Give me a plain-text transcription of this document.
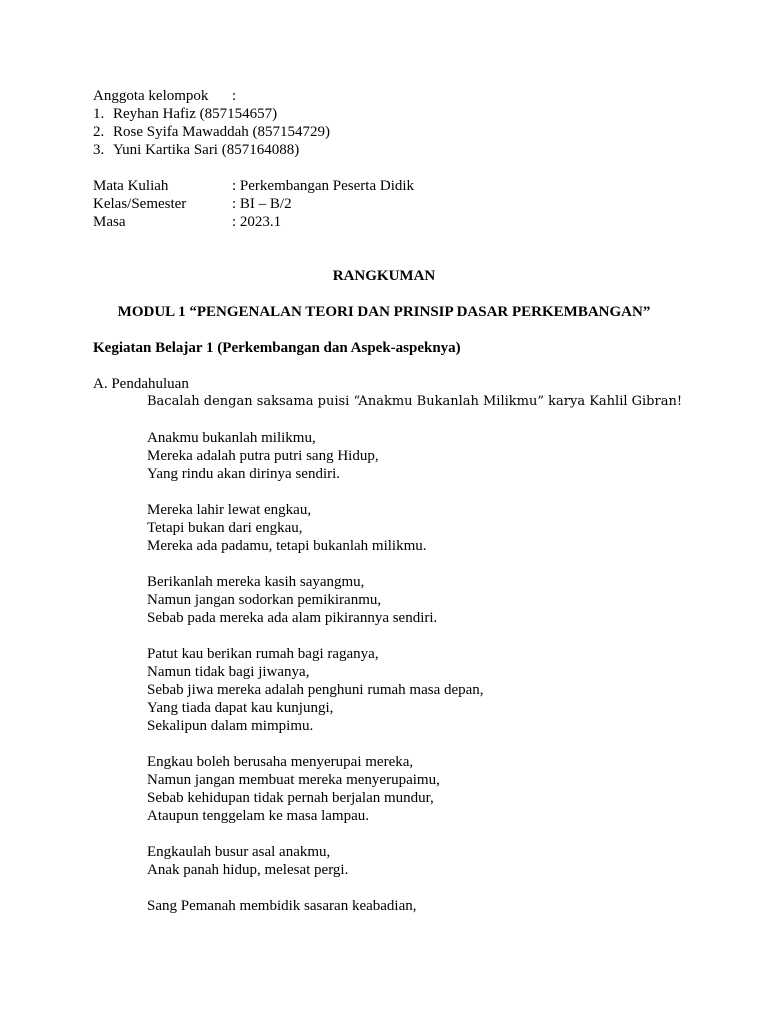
Anggota kelompok :
1. Reyhan Hafiz (857154657)
2. Rose Syifa Mawaddah (857154729)
3. Yuni Kartika Sari (857164088)
Mata Kuliah	: Perkembangan Peserta Didik
Kelas/Semester	: BI – B/2
Masa	: 2023.1
RANGKUMAN
MODUL 1 “PENGENALAN TEORI DAN PRINSIP DASAR PERKEMBANGAN”
Kegiatan Belajar 1 (Perkembangan dan Aspek-aspeknya)
A. Pendahuluan
Bacalah dengan saksama puisi “Anakmu Bukanlah Milikmu” karya Kahlil Gibran!
Anakmu bukanlah milikmu,
Mereka adalah putra putri sang Hidup,
Yang rindu akan dirinya sendiri.
Mereka lahir lewat engkau,
Tetapi bukan dari engkau,
Mereka ada padamu, tetapi bukanlah milikmu.
Berikanlah mereka kasih sayangmu,
Namun jangan sodorkan pemikiranmu,
Sebab pada mereka ada alam pikirannya sendiri.
Patut kau berikan rumah bagi raganya,
Namun tidak bagi jiwanya,
Sebab jiwa mereka adalah penghuni rumah masa depan,
Yang tiada dapat kau kunjungi,
Sekalipun dalam mimpimu.
Engkau boleh berusaha menyerupai mereka,
Namun jangan membuat mereka menyerupaimu,
Sebab kehidupan tidak pernah berjalan mundur,
Ataupun tenggelam ke masa lampau.
Engkaulah busur asal anakmu,
Anak panah hidup, melesat pergi.
Sang Pemanah membidik sasaran keabadian,
